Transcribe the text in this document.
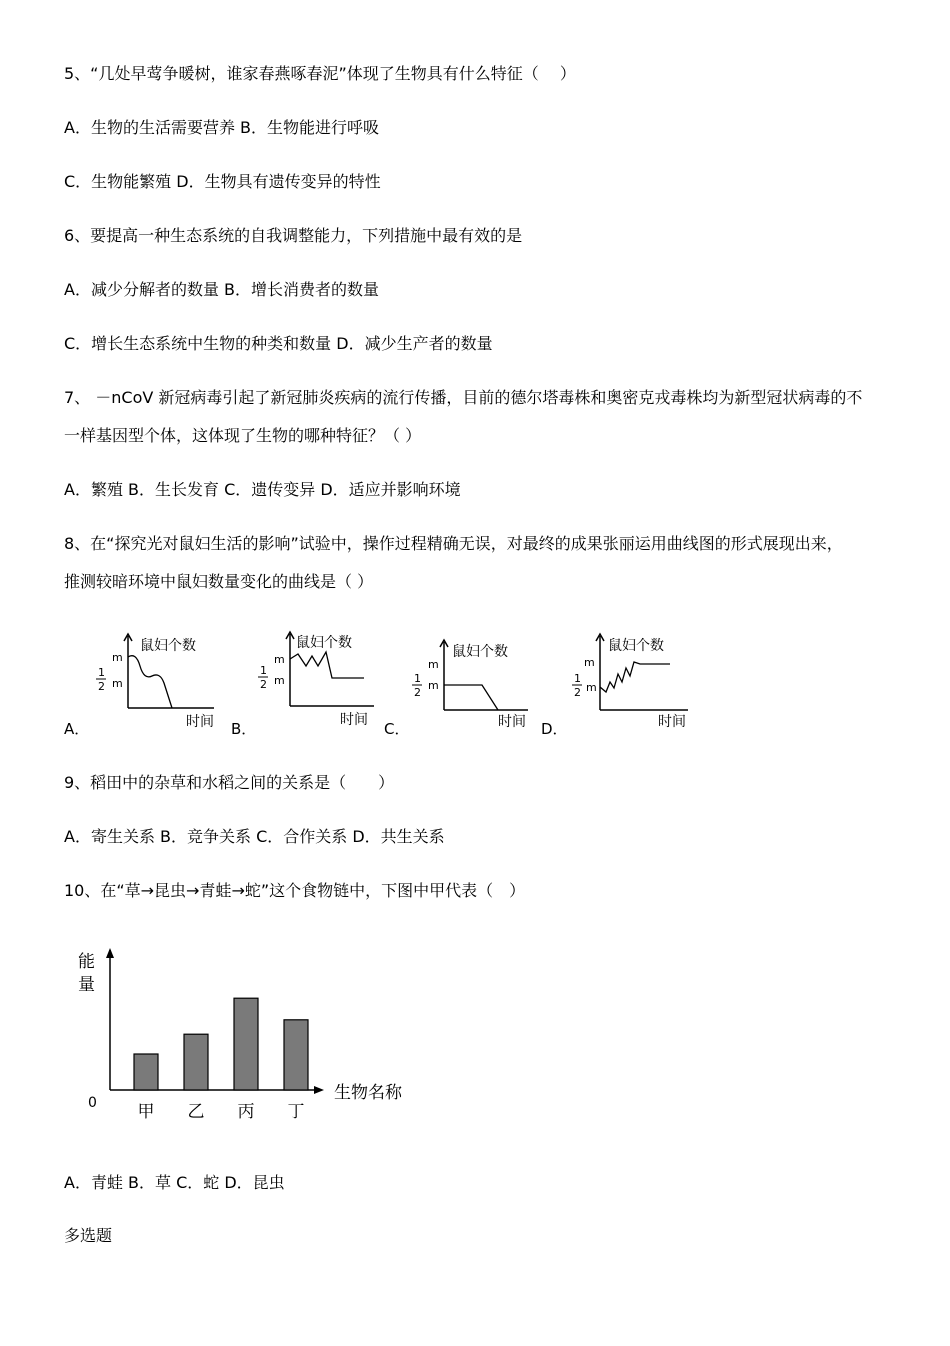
5、“几处早莺争暖树，谁家春燕啄春泥”体现了生物具有什么特征（　 ）
A．生物的生活需要营养 B．生物能进行呼吸
C．生物能繁殖 D．生物具有遗传变异的特性
6、要提高一种生态系统的自我调整能力，下列措施中最有效的是
A．减少分解者的数量 B．增长消费者的数量
C．增长生态系统中生物的种类和数量 D．减少生产者的数量
7、 －nCoV 新冠病毒引起了新冠肺炎疾病的流行传播，目前的德尔塔毒株和奥密克戎毒株均为新型冠状病毒的不
一样基因型个体，这体现了生物的哪种特征？（ ）
A．繁殖 B．生长发育 C．遗传变异 D．适应并影响环境
8、在“探究光对鼠妇生活的影响”试验中，操作过程精确无误，对最终的成果张丽运用曲线图的形式展现出来，
推测较暗环境中鼠妇数量变化的曲线是（ ）
A．
鼠妇个数
m
1
2 m
时间 B．
鼠妇个数
m
1
2 m
时间 C．
鼠妇个数
m
1
2
m
时间 D．
鼠妇个数
m
1
2 m
时间
9、稻田中的杂草和水稻之间的关系是（　　）
A．寄生关系 B．竞争关系 C．合作关系 D．共生关系
10、在“草→昆虫→青蛙→蛇”这个食物链中，下图中甲代表（　）
能
量
0	生物名称
甲 乙 丙 丁
A．青蛙 B．草 C．蛇 D．昆虫
多选题
